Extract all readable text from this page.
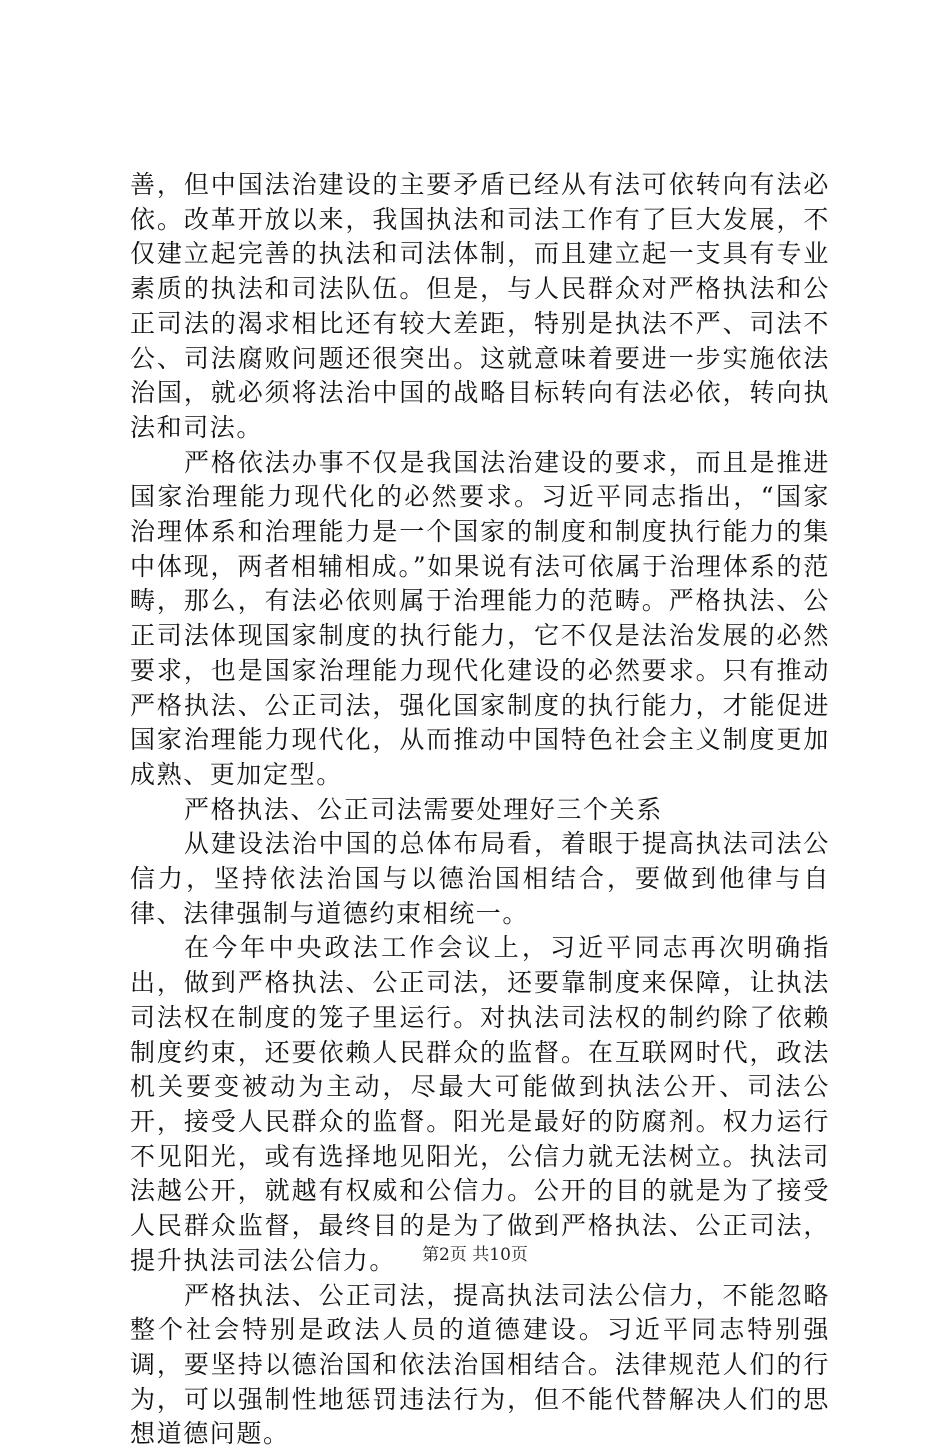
善，但中国法治建设的主要矛盾已经从有法可依转向有法必依。改革开放以来，我国执法和司法工作有了巨大发展，不仅建立起完善的执法和司法体制，而且建立起一支具有专业素质的执法和司法队伍。但是，与人民群众对严格执法和公正司法的渴求相比还有较大差距，特别是执法不严、司法不公、司法腐败问题还很突出。这就意味着要进一步实施依法治国，就必须将法治中国的战略目标转向有法必依，转向执法和司法。

严格依法办事不仅是我国法治建设的要求，而且是推进国家治理能力现代化的必然要求。习近平同志指出，“国家治理体系和治理能力是一个国家的制度和制度执行能力的集中体现，两者相辅相成。”如果说有法可依属于治理体系的范畴，那么，有法必依则属于治理能力的范畴。严格执法、公正司法体现国家制度的执行能力，它不仅是法治发展的必然要求，也是国家治理能力现代化建设的必然要求。只有推动严格执法、公正司法，强化国家制度的执行能力，才能促进国家治理能力现代化，从而推动中国特色社会主义制度更加成熟、更加定型。

严格执法、公正司法需要处理好三个关系

从建设法治中国的总体布局看，着眼于提高执法司法公信力，坚持依法治国与以德治国相结合，要做到他律与自律、法律强制与道德约束相统一。

在今年中央政法工作会议上，习近平同志再次明确指出，做到严格执法、公正司法，还要靠制度来保障，让执法司法权在制度的笼子里运行。对执法司法权的制约除了依赖制度约束，还要依赖人民群众的监督。在互联网时代，政法机关要变被动为主动，尽最大可能做到执法公开、司法公开，接受人民群众的监督。阳光是最好的防腐剂。权力运行不见阳光，或有选择地见阳光，公信力就无法树立。执法司法越公开，就越有权威和公信力。公开的目的就是为了接受人民群众监督，最终目的是为了做到严格执法、公正司法，提升执法司法公信力。

严格执法、公正司法，提高执法司法公信力，不能忽略整个社会特别是政法人员的道德建设。习近平同志特别强调，要坚持以德治国和依法治国相结合。法律规范人们的行为，可以强制性地惩罚违法行为，但不能代替解决人们的思想道德问题。

第2页 共10页
